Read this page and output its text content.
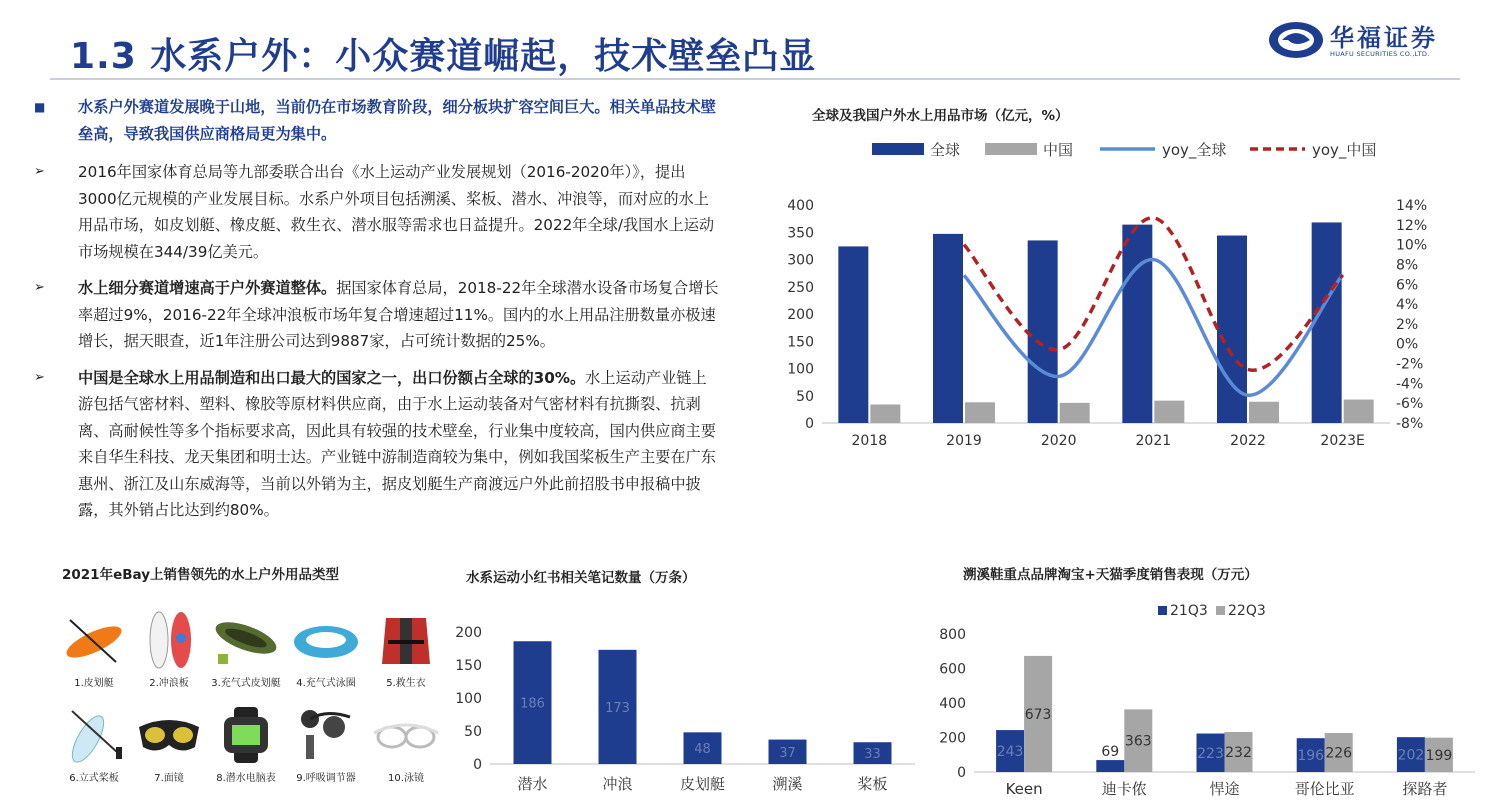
1.3 水系户外：小众赛道崛起，技术壁垒凸显	华福证券
HUAFU SECURITIES CO.,LTD.
■ 水系户外赛道发展晚于山地，当前仍在市场教育阶段，细分板块扩容空间巨大。相关单品技术壁垒高，导致我国供应商格局更为集中。
➢ 2016年国家体育总局等九部委联合出台《水上运动产业发展规划（2016-2020年）》，提出3000亿元规模的产业发展目标。水系户外项目包括溯溪、桨板、潜水、冲浪等，而对应的水上用品市场，如皮划艇、橡皮艇、救生衣、潜水服等需求也日益提升。2022年全球/我国水上运动市场规模在344/39亿美元。
➢ 水上细分赛道增速高于户外赛道整体。据国家体育总局，2018-22年全球潜水设备市场复合增长率超过9%，2016-22年全球冲浪板市场年复合增速超过11%。国内的水上用品注册数量亦极速增长，据天眼查，近1年注册公司达到9887家，占可统计数据的25%。
➢ 中国是全球水上用品制造和出口最大的国家之一，出口份额占全球的30%。水上运动产业链上游包括气密材料、塑料、橡胶等原材料供应商，由于水上运动装备对气密材料有抗撕裂、抗剥离、高耐候性等多个指标要求高，因此具有较强的技术壁垒，行业集中度较高，国内供应商主要来自华生科技、龙天集团和明士达。产业链中游制造商较为集中，例如我国桨板生产主要在广东惠州、浙江及山东威海等，当前以外销为主，据皮划艇生产商渡远户外此前招股书申报稿中披露，其外销占比达到约80%。
全球及我国户外水上用品市场（亿元，%）
0
50
100
150
200
250
300
350
400
-8%
-6%
-4%
-2%
0%
2%
4%
6%
8%
10%
12%
14%
2018	2019	2020	2021	2022	2023E
全球	中国	yoy_全球	yoy_中国
2021年eBay上销售领先的水上户外用品类型
1.皮划艇	2.冲浪板	3.充气式皮划艇	4.充气式泳圈	5.救生衣
6.立式桨板	7.面镜	8.潜水电脑表	9.呼吸调节器	10.泳镜
水系运动小红书相关笔记数量（万条）
0
50
100
150
200
186
潜水
173
冲浪
48
皮划艇
37
溯溪
33
桨板
溯溪鞋重点品牌淘宝+天猫季度销售表现（万元）
0
200
400
600
800
243	69	223	196	202
673
363
232	226	199
Keen	迪卡侬	悍途	哥伦比亚	探路者
21Q3 22Q3
